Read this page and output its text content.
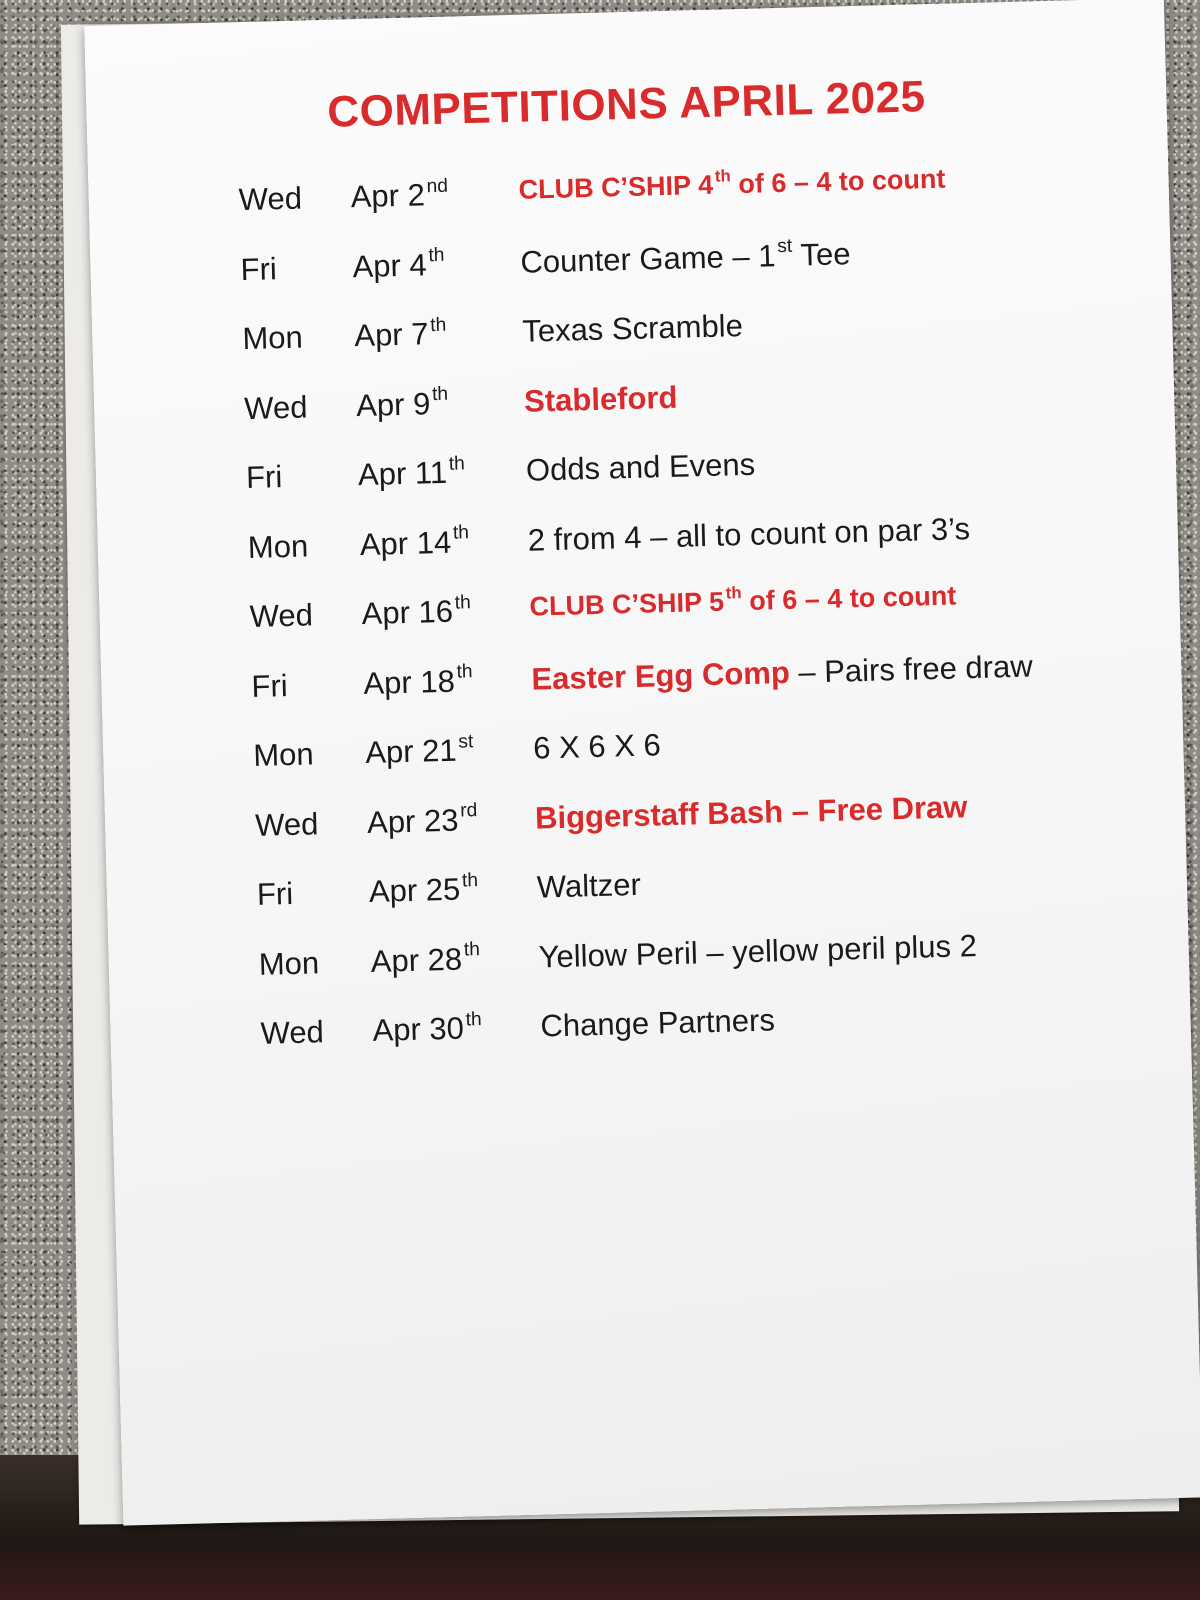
COMPETITIONS APRIL 2025
Wed Apr 2nd	CLUB C’SHIP 4th of 6 – 4 to count
Fri Apr 4th Counter Game – 1st Tee
Mon Apr 7th Texas Scramble
Wed Apr 9th Stableford
Fri Apr 11th Odds and Evens
Mon Apr 14th 2 from 4 – all to count on par 3’s
Wed Apr 16th CLUB C’SHIP 5th of 6 – 4 to count
Fri Apr 18th Easter Egg Comp – Pairs free draw
Mon Apr 21st 6 X 6 X 6
Wed Apr 23rd Biggerstaff Bash – Free Draw
Fri Apr 25th Waltzer
Mon Apr 28th Yellow Peril – yellow peril plus 2
Wed Apr 30th Change Partners
